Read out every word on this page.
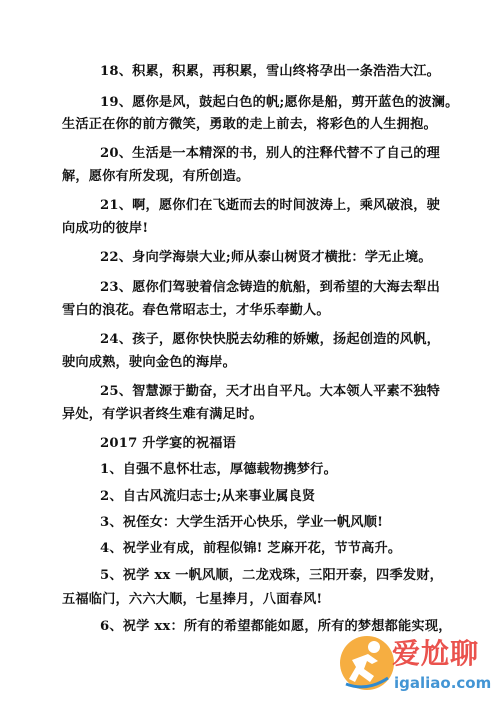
18、积累，积累，再积累，雪山终将孕出一条浩浩大江。
19、愿你是风，鼓起白色的帆;愿你是船，剪开蓝色的波澜。
生活正在你的前方微笑，勇敢的走上前去，将彩色的人生拥抱。
20、生活是一本精深的书，别人的注释代替不了自己的理
解，愿你有所发现，有所创造。
21、啊，愿你们在飞逝而去的时间波涛上，乘风破浪，驶
向成功的彼岸!
22、身向学海崇大业;师从泰山树贤才横批：学无止境。
23、愿你们驾驶着信念铸造的航船，到希望的大海去犁出
雪白的浪花。春色常昭志士，才华乐奉勤人。
24、孩子，愿你快快脱去幼稚的娇嫩，扬起创造的风帆，
驶向成熟，驶向金色的海岸。
25、智慧源于勤奋，天才出自平凡。大本领人平素不独特
异处，有学识者终生难有满足时。
2017 升学宴的祝福语
1、自强不息怀壮志，厚德载物携梦行。
2、自古风流归志士;从来事业属良贤
3、祝侄女：大学生活开心快乐，学业一帆风顺!
4、祝学业有成，前程似锦! 芝麻开花，节节高升。
5、祝学 xx 一帆风顺，二龙戏珠，三阳开泰，四季发财，
五福临门，六六大顺，七星捧月，八面春风!
6、祝学 xx：所有的希望都能如愿，所有的梦想都能实现，
爱尬聊
igaliao.com
